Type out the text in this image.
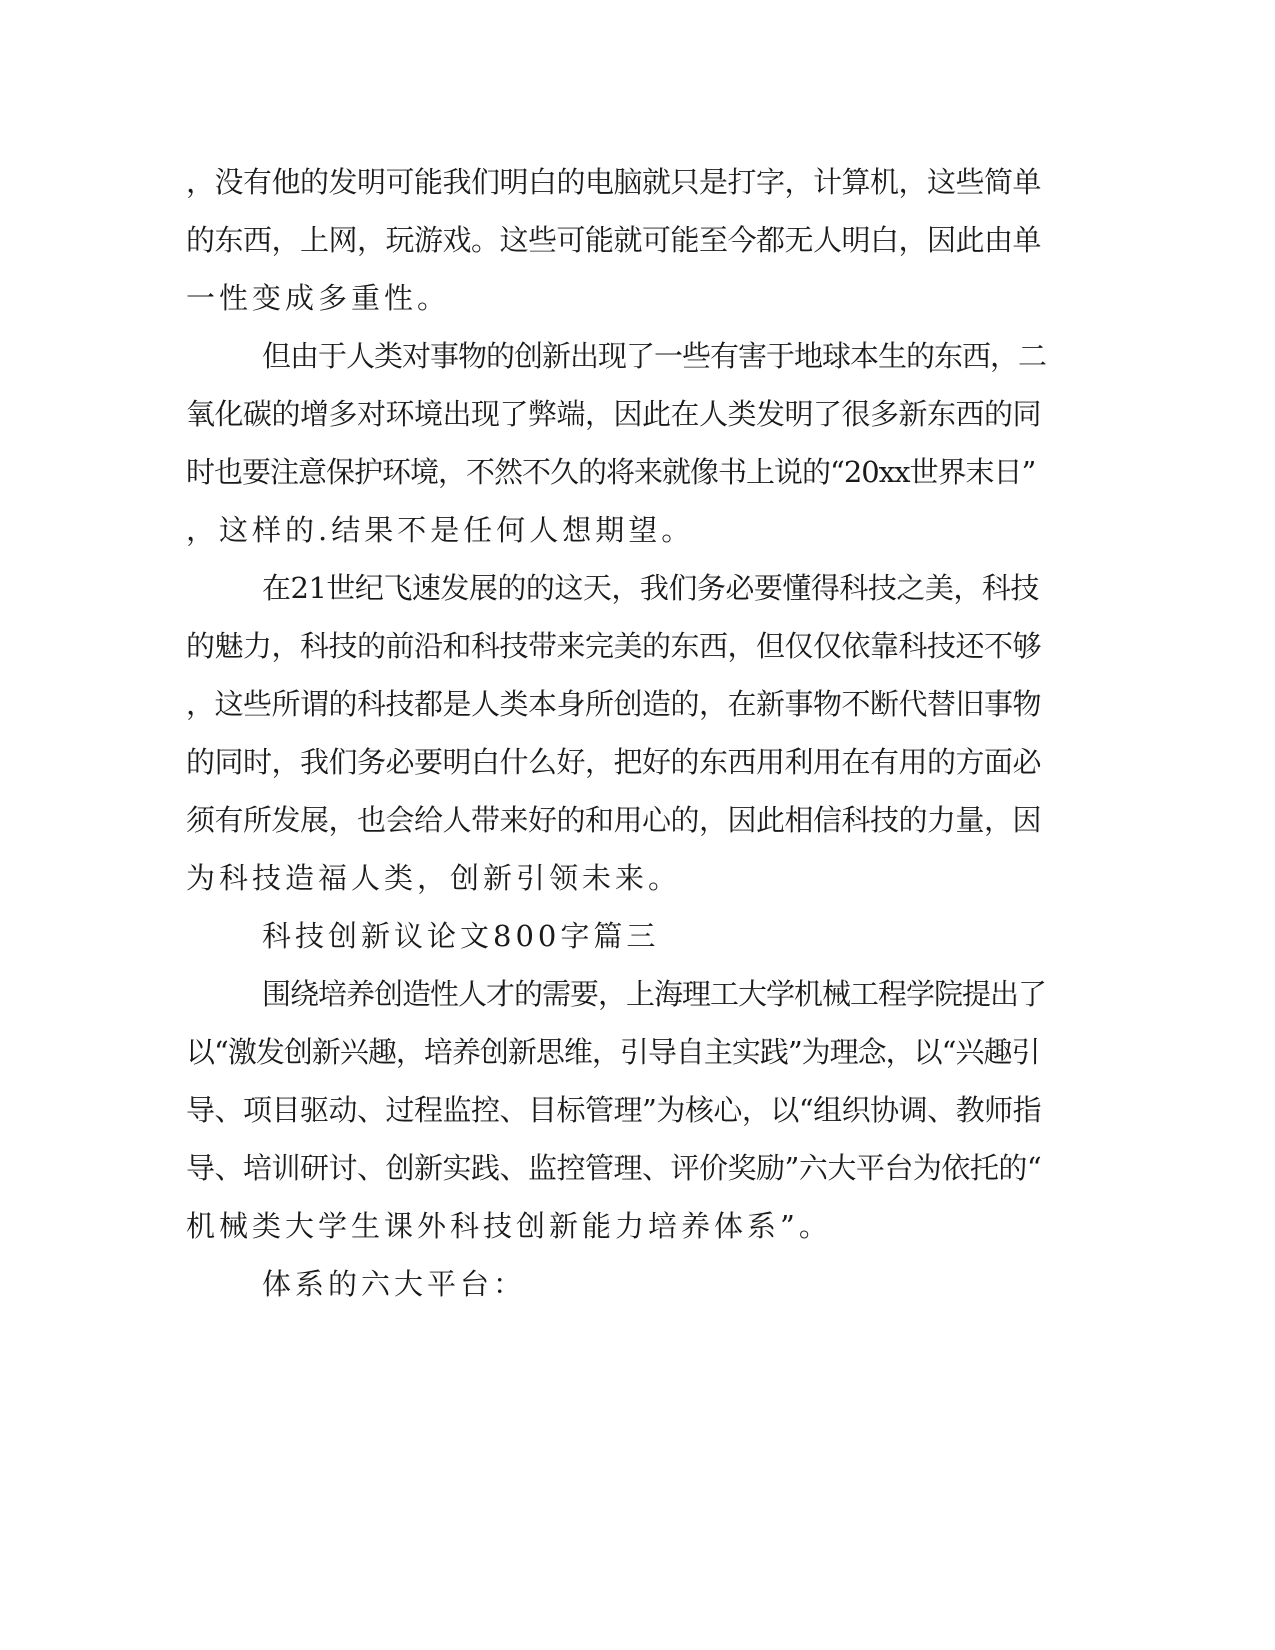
，没有他的发明可能我们明白的电脑就只是打字，计算机，这些简单
的东西，上网，玩游戏。这些可能就可能至今都无人明白，因此由单
一性变成多重性。
但由于人类对事物的创新出现了一些有害于地球本生的东西，二
氧化碳的增多对环境出现了弊端，因此在人类发明了很多新东西的同
时也要注意保护环境，不然不久的将来就像书上说的“20xx世界末日”
，这样的.结果不是任何人想期望。
在21世纪飞速发展的的这天，我们务必要懂得科技之美，科技
的魅力，科技的前沿和科技带来完美的东西，但仅仅依靠科技还不够
，这些所谓的科技都是人类本身所创造的，在新事物不断代替旧事物
的同时，我们务必要明白什么好，把好的东西用利用在有用的方面必
须有所发展，也会给人带来好的和用心的，因此相信科技的力量，因
为科技造福人类，创新引领未来。
科技创新议论文800字篇三
围绕培养创造性人才的需要，上海理工大学机械工程学院提出了
以“激发创新兴趣，培养创新思维，引导自主实践”为理念，以“兴趣引
导、项目驱动、过程监控、目标管理”为核心，以“组织协调、教师指
导、培训研讨、创新实践、监控管理、评价奖励”六大平台为依托的“
机械类大学生课外科技创新能力培养体系”。
体系的六大平台：
